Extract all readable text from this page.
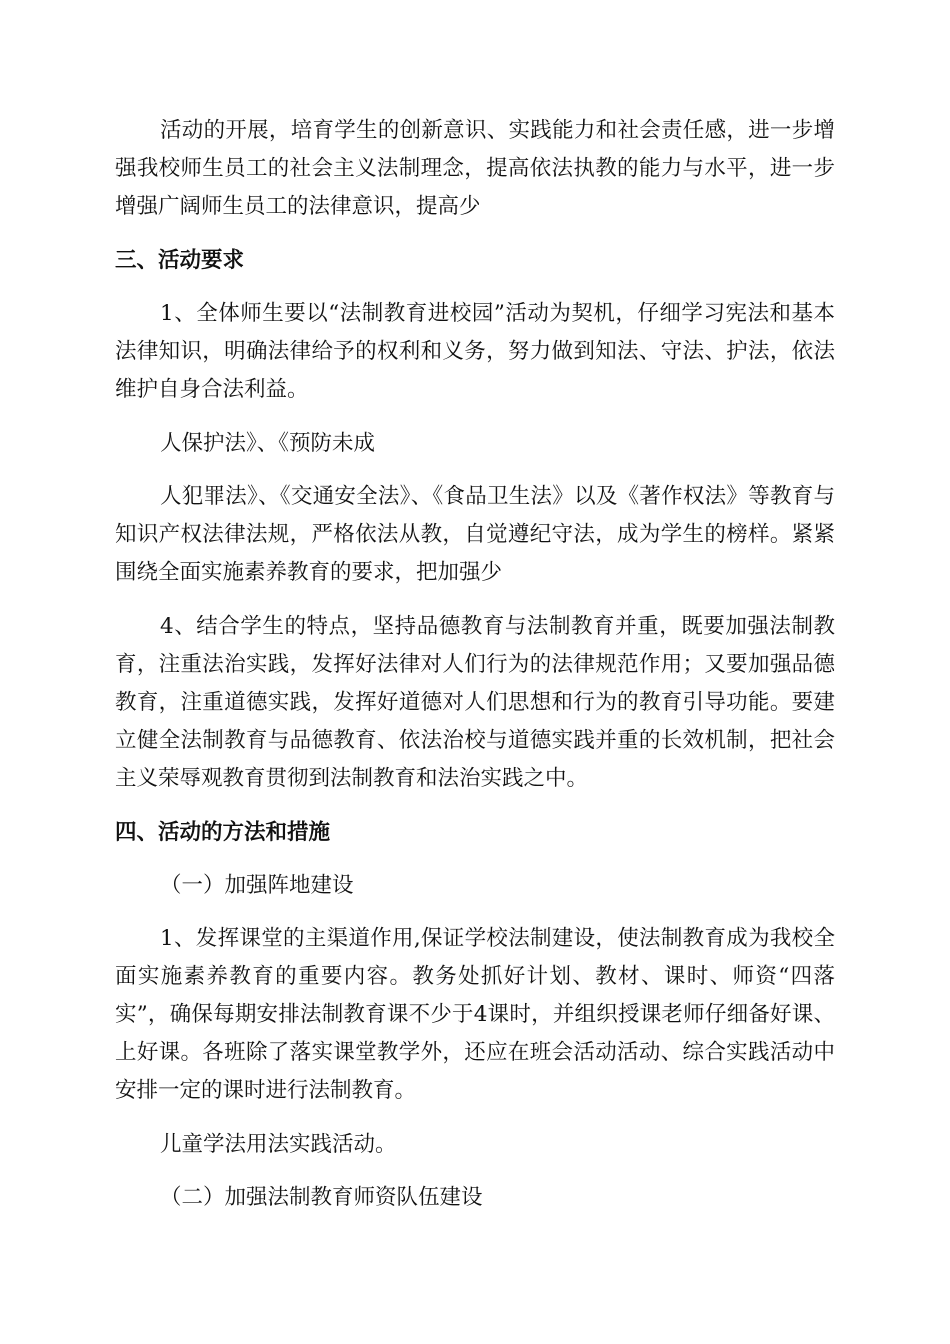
活动的开展，培育学生的创新意识、实践能力和社会责任感，进一步增强我校师生员工的社会主义法制理念，提高依法执教的能力与水平，进一步增强广阔师生员工的法律意识，提高少

三、活动要求

1、全体师生要以“法制教育进校园”活动为契机，仔细学习宪法和基本法律知识，明确法律给予的权利和义务，努力做到知法、守法、护法，依法维护自身合法利益。

人保护法》、《预防未成

人犯罪法》、《交通安全法》、《食品卫生法》以及《著作权法》等教育与知识产权法律法规，严格依法从教，自觉遵纪守法，成为学生的榜样。紧紧围绕全面实施素养教育的要求，把加强少

4、结合学生的特点，坚持品德教育与法制教育并重，既要加强法制教育，注重法治实践，发挥好法律对人们行为的法律规范作用；又要加强品德教育，注重道德实践，发挥好道德对人们思想和行为的教育引导功能。要建立健全法制教育与品德教育、依法治校与道德实践并重的长效机制，把社会主义荣辱观教育贯彻到法制教育和法治实践之中。

四、活动的方法和措施

（一）加强阵地建设

1、发挥课堂的主渠道作用,保证学校法制建设，使法制教育成为我校全面实施素养教育的重要内容。教务处抓好计划、教材、课时、师资“四落实”，确保每期安排法制教育课不少于4课时，并组织授课老师仔细备好课、上好课。各班除了落实课堂教学外，还应在班会活动活动、综合实践活动中安排一定的课时进行法制教育。

儿童学法用法实践活动。

（二）加强法制教育师资队伍建设
